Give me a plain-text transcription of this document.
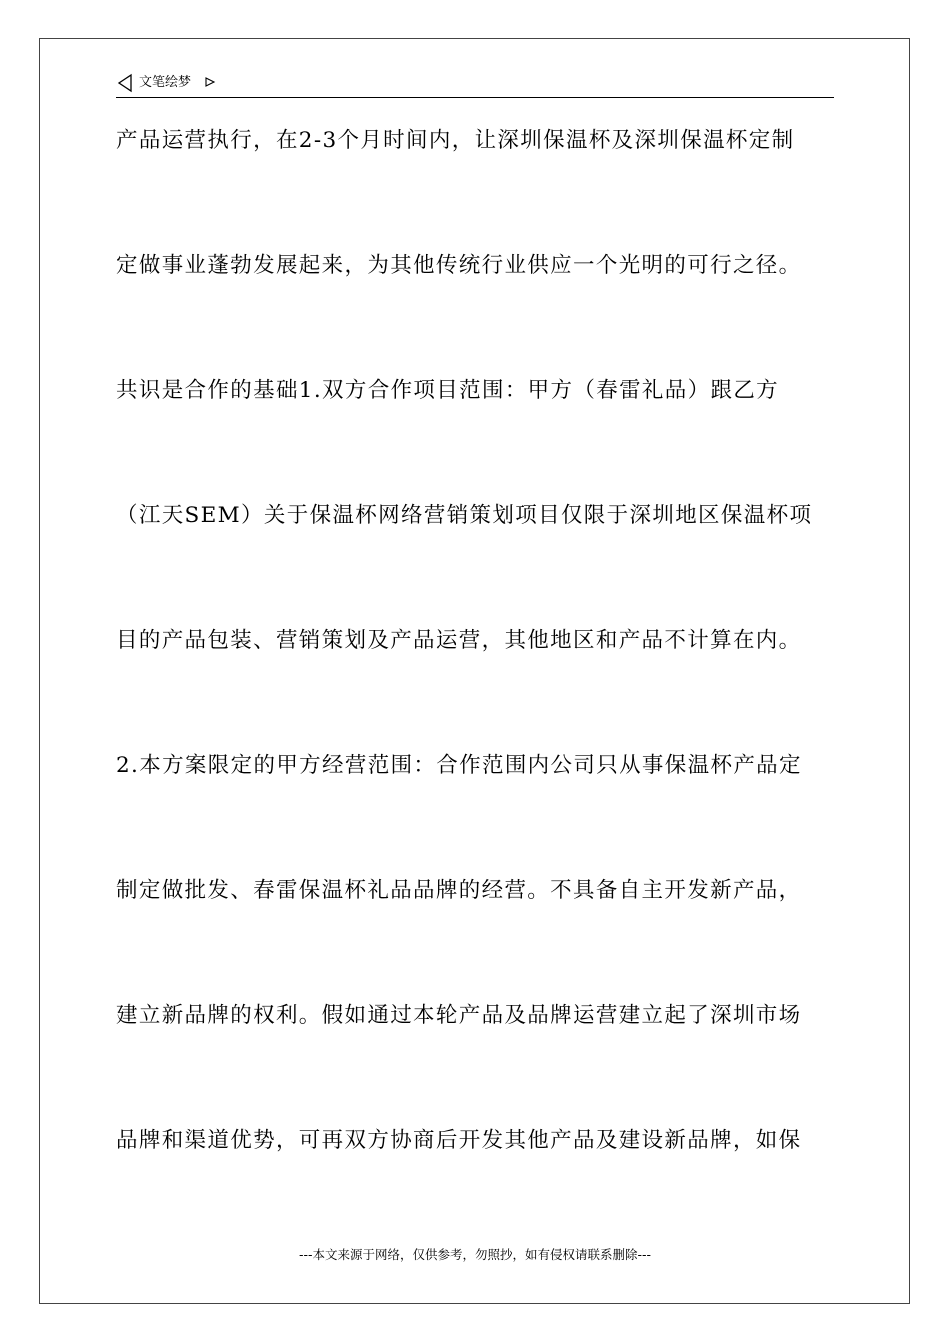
文笔绘梦
产品运营执行，在2-3个月时间内，让深圳保温杯及深圳保温杯定制
定做事业蓬勃发展起来，为其他传统行业供应一个光明的可行之径。
共识是合作的基础1.双方合作项目范围：甲方（春雷礼品）跟乙方
（江天SEM）关于保温杯网络营销策划项目仅限于深圳地区保温杯项
目的产品包装、营销策划及产品运营，其他地区和产品不计算在内。
2.本方案限定的甲方经营范围：合作范围内公司只从事保温杯产品定
制定做批发、春雷保温杯礼品品牌的经营。不具备自主开发新产品，
建立新品牌的权利。假如通过本轮产品及品牌运营建立起了深圳市场
品牌和渠道优势，可再双方协商后开发其他产品及建设新品牌，如保
---本文来源于网络，仅供参考，勿照抄，如有侵权请联系删除---
